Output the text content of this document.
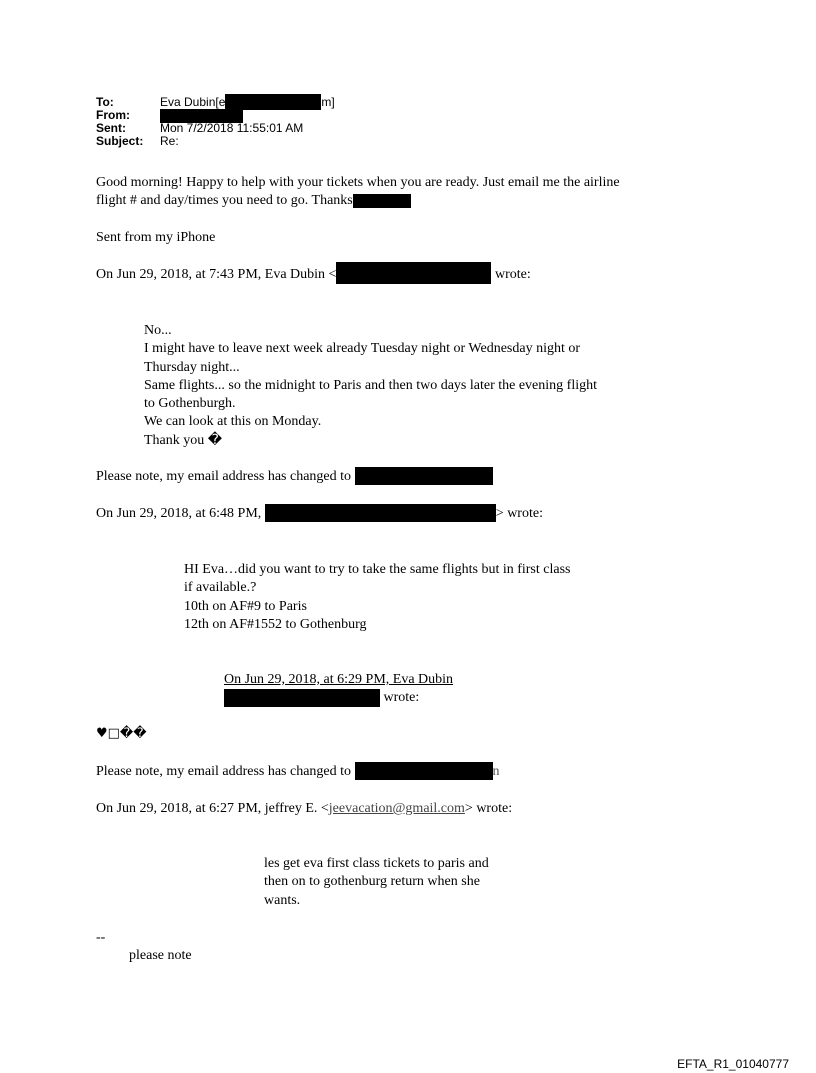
To:	Eva Dubin[e	m]
From:
Sent:	Mon 7/2/2018 11:55:01 AM
Subject: Re:
Good morning! Happy to help with your tickets when you are ready. Just email me the airline
flight # and day/times you need to go. Thanks
Sent from my iPhone
On Jun 29, 2018, at 7:43 PM, Eva Dubin <	wrote:
No...
I might have to leave next week already Tuesday night or Wednesday night or
Thursday night...
Same flights... so the midnight to Paris and then two days later the evening flight
to Gothenburgh.
We can look at this on Monday.
Thank you �
Please note, my email address has changed to
On Jun 29, 2018, at 6:48 PM,	> wrote:
HI Eva…did you want to try to take the same flights but in first class
if available.?
10th on AF#9 to Paris
12th on AF#1552 to Gothenburg
On Jun 29, 2018, at 6:29 PM, Eva Dubin
wrote:
♥□��
Please note, my email address has changed to	n
On Jun 29, 2018, at 6:27 PM, jeffrey E. <jeevacation@gmail.com> wrote:
les get eva first class tickets to paris and
then on to gothenburg return when she
wants.
--
please note
EFTA_R1_01040777
